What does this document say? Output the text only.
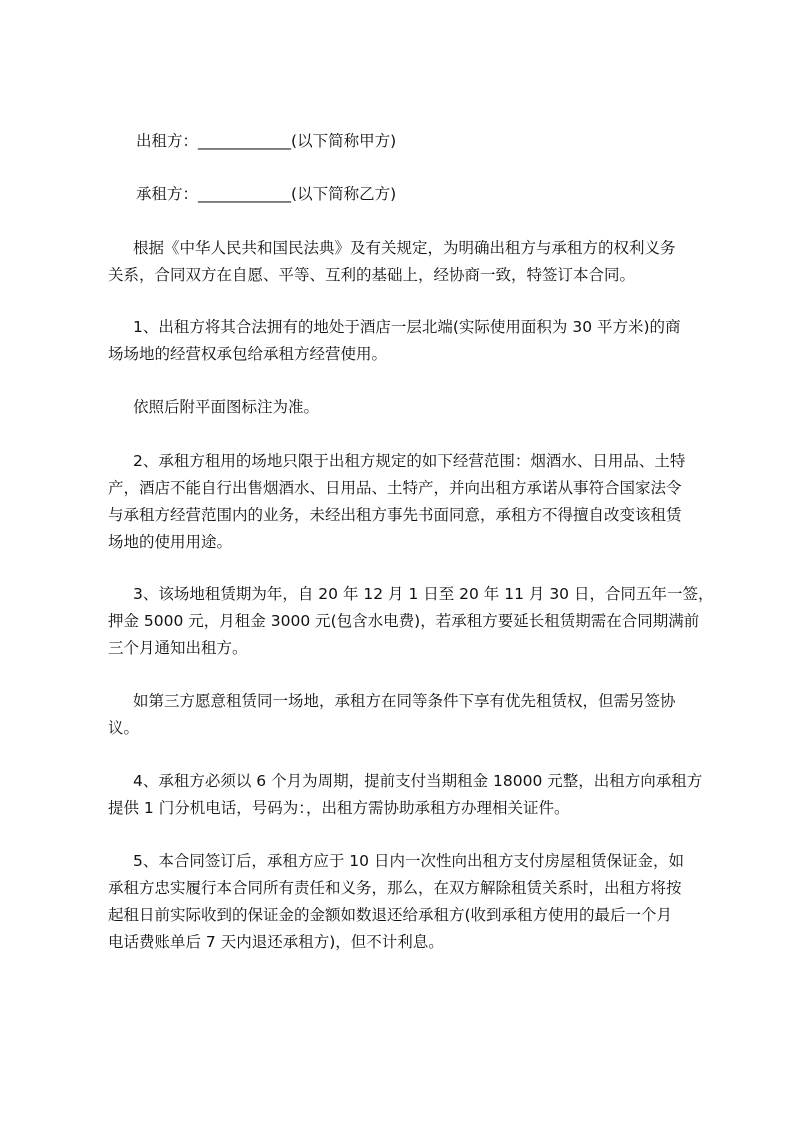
出租方：____________(以下简称甲方)

承租方：____________(以下简称乙方)

根据《中华人民共和国民法典》及有关规定，为明确出租方与承租方的权利义务
关系，合同双方在自愿、平等、互利的基础上，经协商一致，特签订本合同。

1、出租方将其合法拥有的地处于酒店一层北端(实际使用面积为 30 平方米)的商
场场地的经营权承包给承租方经营使用。

依照后附平面图标注为准。

2、承租方租用的场地只限于出租方规定的如下经营范围：烟酒水、日用品、土特
产，酒店不能自行出售烟酒水、日用品、土特产，并向出租方承诺从事符合国家法令
与承租方经营范围内的业务，未经出租方事先书面同意，承租方不得擅自改变该租赁
场地的使用用途。

3、该场地租赁期为年，自 20 年 12 月 1 日至 20 年 11 月 30 日，合同五年一签，
押金 5000 元，月租金 3000 元(包含水电费)，若承租方要延长租赁期需在合同期满前
三个月通知出租方。

如第三方愿意租赁同一场地，承租方在同等条件下享有优先租赁权，但需另签协
议。

4、承租方必须以 6 个月为周期，提前支付当期租金 18000 元整，出租方向承租方
提供 1 门分机电话，号码为：，出租方需协助承租方办理相关证件。

5、本合同签订后，承租方应于 10 日内一次性向出租方支付房屋租赁保证金，如
承租方忠实履行本合同所有责任和义务，那么，在双方解除租赁关系时，出租方将按
起租日前实际收到的保证金的金额如数退还给承租方(收到承租方使用的最后一个月
电话费账单后 7 天内退还承租方)，但不计利息。
